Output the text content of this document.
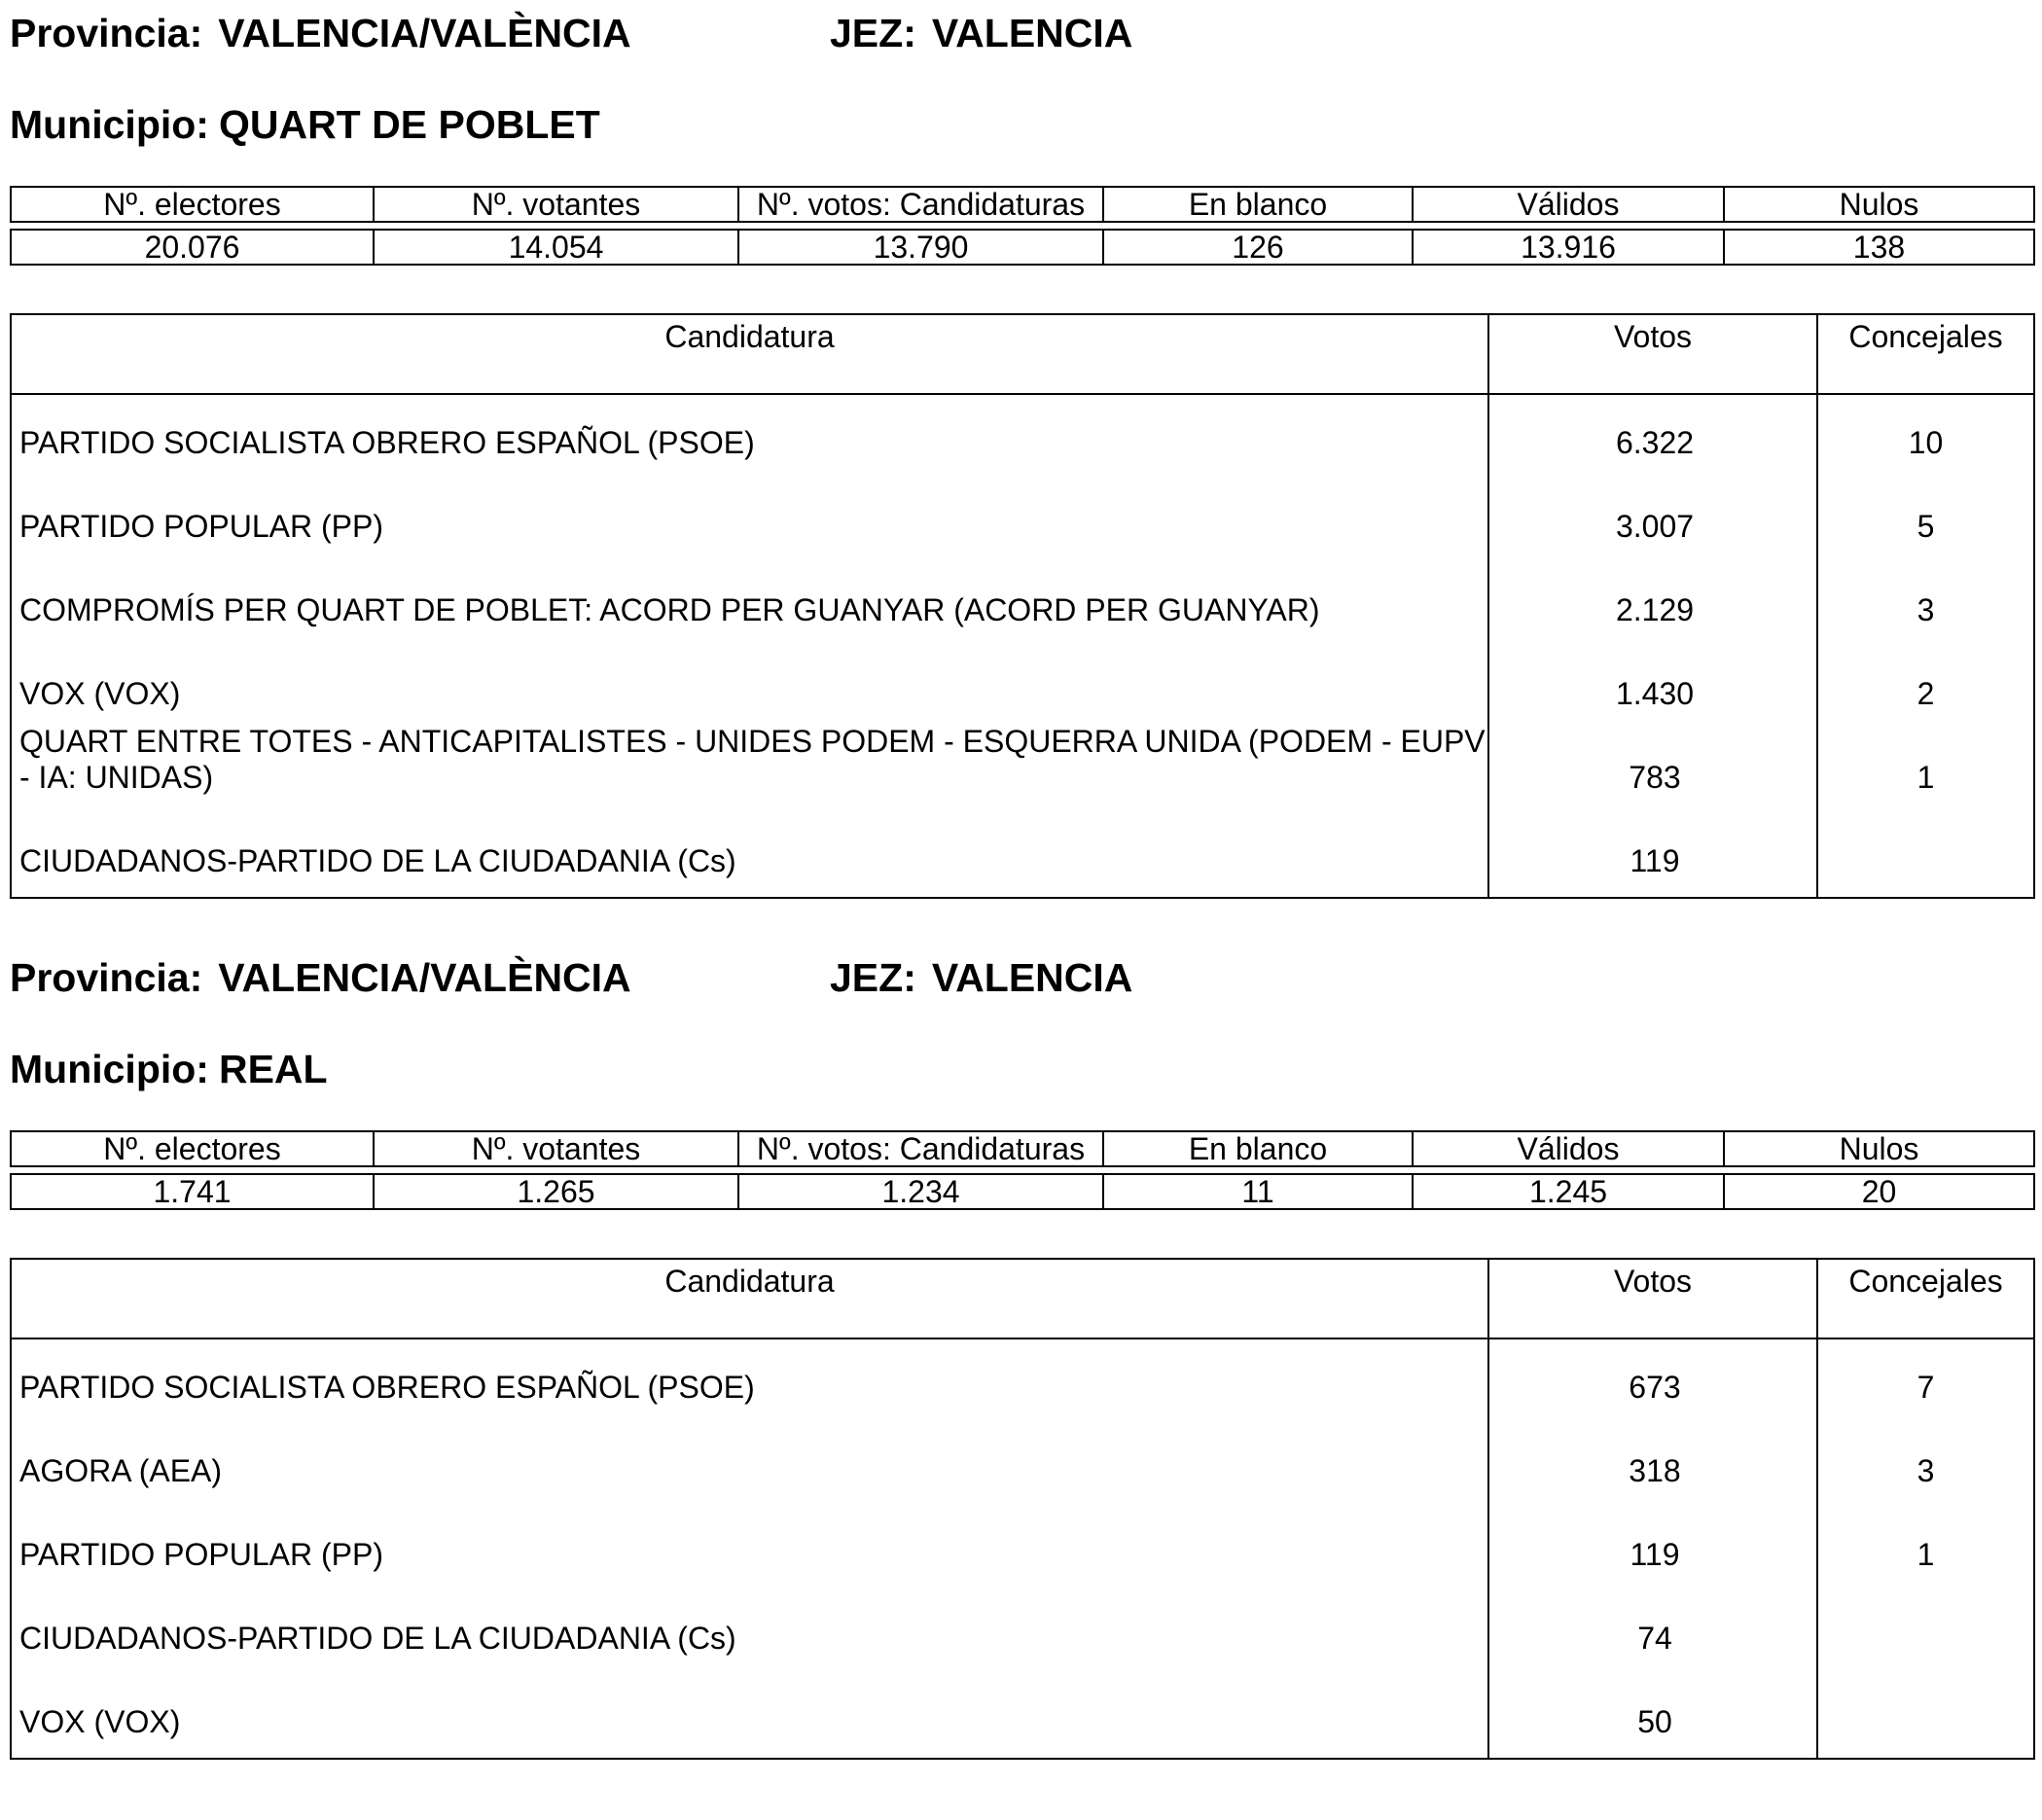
Provincia: VALENCIA/VALÈNCIA	JEZ: VALENCIA
Municipio: QUART DE POBLET
Nº. electores	Nº. votantes	Nº. votos: Candidaturas	En blanco	Válidos	Nulos
20.076	14.054	13.790	126	13.916	138
Candidatura	Votos	Concejales
PARTIDO SOCIALISTA OBRERO ESPAÑOL (PSOE)	6.322	10
PARTIDO POPULAR (PP)	3.007	5
COMPROMÍS PER QUART DE POBLET: ACORD PER GUANYAR (ACORD PER GUANYAR)	2.129	3
VOX (VOX)	1.430	2
QUART ENTRE TOTES - ANTICAPITALISTES - UNIDES PODEM - ESQUERRA UNIDA (PODEM - EUPV - IA: UNIDAS)	783	1
CIUDADANOS-PARTIDO DE LA CIUDADANIA (Cs)	119
Provincia: VALENCIA/VALÈNCIA	JEZ: VALENCIA
Municipio: REAL
Nº. electores	Nº. votantes	Nº. votos: Candidaturas	En blanco	Válidos	Nulos
1.741	1.265	1.234	11	1.245	20
Candidatura	Votos	Concejales
PARTIDO SOCIALISTA OBRERO ESPAÑOL (PSOE)	673	7
AGORA (AEA)	318	3
PARTIDO POPULAR (PP)	119	1
CIUDADANOS-PARTIDO DE LA CIUDADANIA (Cs)	74
VOX (VOX)	50
